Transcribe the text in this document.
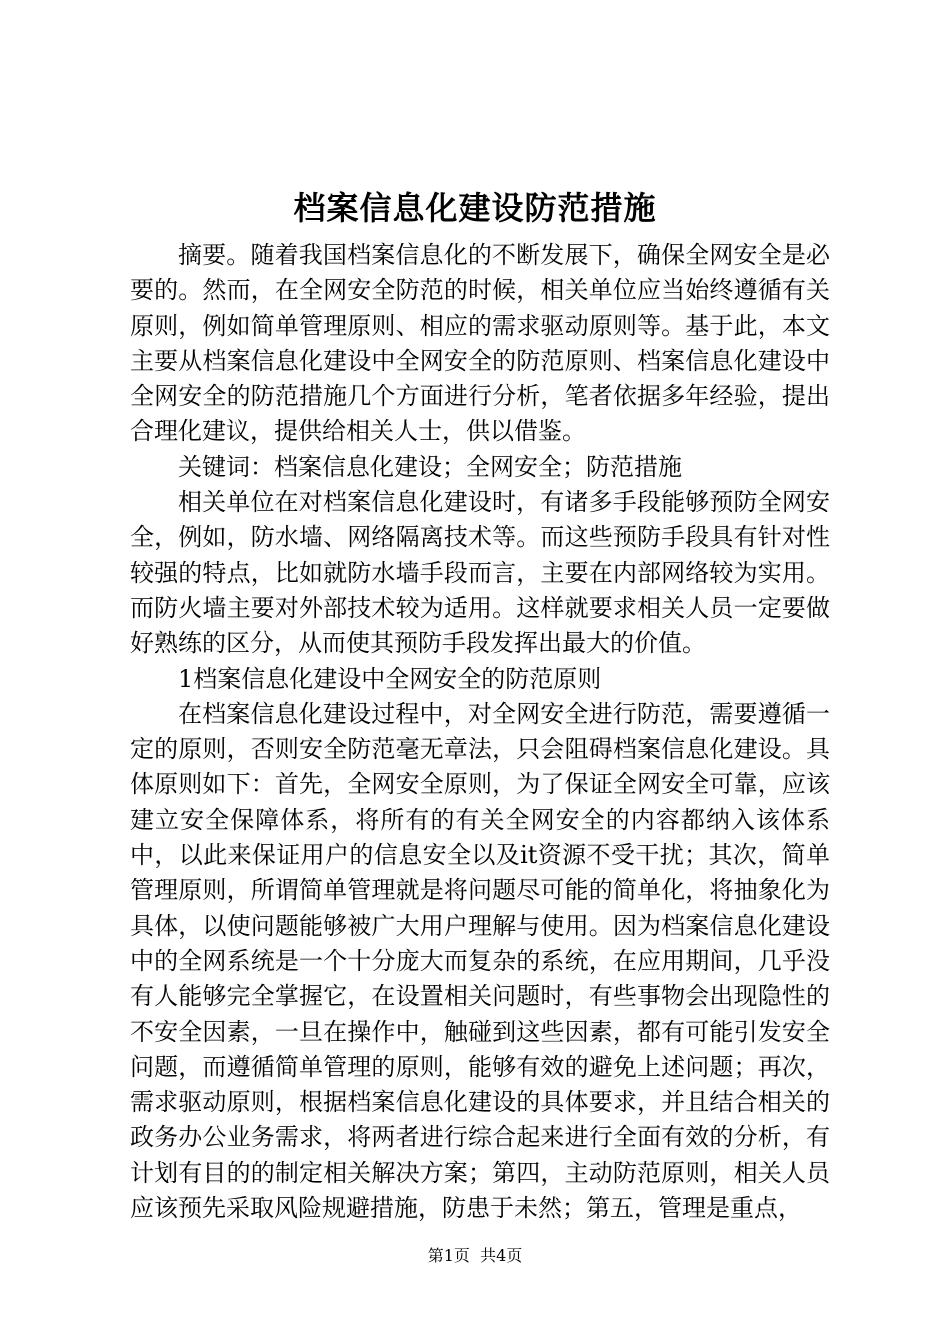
档案信息化建设防范措施

摘要。随着我国档案信息化的不断发展下，确保全网安全是必要的。然而，在全网安全防范的时候，相关单位应当始终遵循有关原则，例如简单管理原则、相应的需求驱动原则等。基于此，本文主要从档案信息化建设中全网安全的防范原则、档案信息化建设中全网安全的防范措施几个方面进行分析，笔者依据多年经验，提出合理化建议，提供给相关人士，供以借鉴。

关键词：档案信息化建设；全网安全；防范措施

相关单位在对档案信息化建设时，有诸多手段能够预防全网安全，例如，防水墙、网络隔离技术等。而这些预防手段具有针对性较强的特点，比如就防水墙手段而言，主要在内部网络较为实用。而防火墙主要对外部技术较为适用。这样就要求相关人员一定要做好熟练的区分，从而使其预防手段发挥出最大的价值。

1档案信息化建设中全网安全的防范原则

在档案信息化建设过程中，对全网安全进行防范，需要遵循一定的原则，否则安全防范毫无章法，只会阻碍档案信息化建设。具体原则如下：首先，全网安全原则，为了保证全网安全可靠，应该建立安全保障体系，将所有的有关全网安全的内容都纳入该体系中，以此来保证用户的信息安全以及it资源不受干扰；其次，简单管理原则，所谓简单管理就是将问题尽可能的简单化，将抽象化为具体，以使问题能够被广大用户理解与使用。因为档案信息化建设中的全网系统是一个十分庞大而复杂的系统，在应用期间，几乎没有人能够完全掌握它，在设置相关问题时，有些事物会出现隐性的不安全因素，一旦在操作中，触碰到这些因素，都有可能引发安全问题，而遵循简单管理的原则，能够有效的避免上述问题；再次，需求驱动原则，根据档案信息化建设的具体要求，并且结合相关的政务办公业务需求，将两者进行综合起来进行全面有效的分析，有计划有目的的制定相关解决方案；第四，主动防范原则，相关人员应该预先采取风险规避措施，防患于未然；第五，管理是重点，

第1页  共4页
